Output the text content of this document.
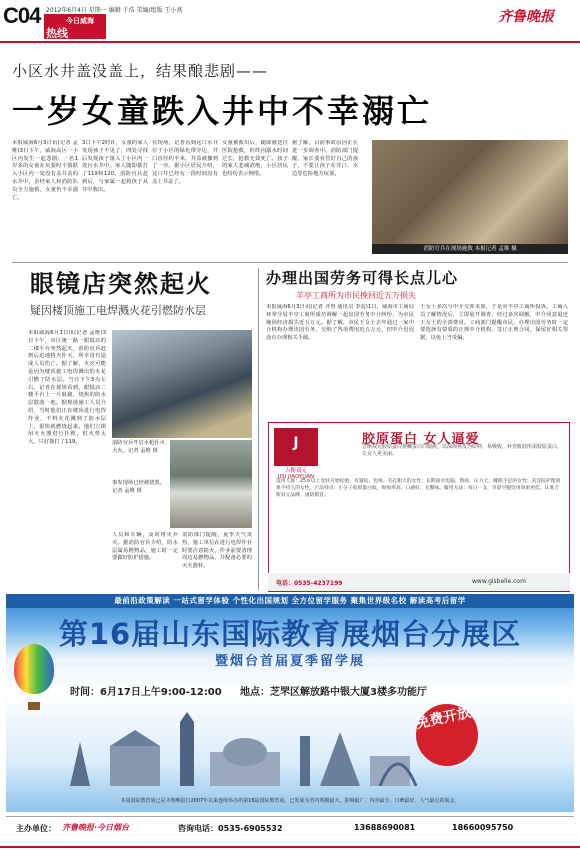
C04 2012年6月4日 星期一 编辑 于浩 美编/组版 王小燕
今日威海
热线
齐鲁晚报
小区水井盖没盖上，结果酿悲剧——
一岁女童跌入井中不幸溺亡
本报威海6月3日讯(记者 孟维)3日下午，威海高区一小区内发生一起悲剧：一名1岁多的女童在玩耍时不慎跌入小区内一处没有盖井盖的水井中，虽经家人和消防队员全力施救，女童仍不幸溺亡。
3日下午2时许，女童的家人发现孩子不见了，四处寻找后发现孩子落入了小区内一处污水井中。家人随即拨打了119和120。消防官兵赶到后，与家属一起将孩子从井中救出。
在现场，记者看到这口水井位于小区的绿化带旁边，井口直径约半米，井盖被挪到了一旁。据小区居民介绍，这口井已经有一段时间没有盖上井盖了。
女童被救出后，随即被送往医院抢救，但终因溺水时间过长，抢救无效死亡。孩子的家人悲痛欲绝，小区居民也纷纷表示惋惜。
据了解，目前事故原因正在进一步调查中。消防部门提醒，家长要看管好自己的孩子，不要让孩子在井口、水边等危险地方玩耍。
消防官兵在现场施救 本报记者 孟维 摄
眼镜店突然起火
疑因楼顶施工电焊溅火花引燃防水层
本报威海6月3日讯(记者 孟维)3日下午，市区统一路一眼镜店的二楼平台突然起火，消防官兵赶到后迅速将火扑灭，所幸没有造成人员伤亡。据了解，火灾可能是因为楼顶施工电焊溅出的火花引燃了防水层。当日下午5点左右，记者在现场看到，眼镜店二楼平台上一片狼藉，烧焦的防水层散落一地。据现场施工人员介绍，当时他们正在楼顶进行电焊作业，不料火花溅到了防水层上，很快就燃烧起来。他们立即用灭火器进行扑救，但火势太大，只好拨打了119。	消防官兵开启水枪扑灭大火。记者 孟维 摄
事发现场已经被烧黑。记者 孟维 摄
人员和车辆，及时将火扑灭。据消防官兵介绍，防水层属易燃物品，施工时一定要做好防护措施。
消防部门提醒，夏季天气炎热，施工单位在进行电焊作业时要注意防火，作业前要清理周边易燃物品，并配备必要的灭火器材。
办理出国劳务可得长点儿心
羊亭工商所为市民挽回近五万损失
本报威海6月3日讯(记者 齐鲁 通讯员 李雷)1日，威海市工商局环翠分局羊亭工商所成功调解一起出国劳务中介纠纷，为市民挽回经济损失近五万元。据了解，市民王女士去年通过一家中介机构办理出国劳务，交纳了各项费用近五万元，但中介迟迟没有办理相关手续。
王女士多次与中介交涉未果，于是向羊亭工商所投诉。工商人员了解情况后，立即展开调查，经过多次调解，中介同意退还王女士的全部费用。工商部门提醒市民，办理出国劳务时一定要选择有资质的正规中介机构，签订正规合同，保留好相关票据，以免上当受骗。
J
吉斯双元
JISI JIAOYUAN
胶原蛋白 女人逼爱
吉斯双元胶原蛋白鱼鳞蛋白口服液，以深海鱼皮为原料，易吸收，补充肌肤所需胶原蛋白，让女人更美丽。
适用人群：25岁以上皮肤开始松弛、有皱纹、色斑、毛孔粗大的女性；长期面对电脑、熬夜、压力大、睡眠不足的女性；美容院护理效果不持久的女性。产品特点：小分子胶原蛋白肽，吸收率高，口感好，无腥味。服用方法：每日一支，早晨空腹饮用效果更佳。认准吉斯双元品牌，谨防假冒。
电话：0535-4237199	www.gisbelle.com
最前沿政策解读 一站式留学体验 个性化出国规划 全方位留学服务 聚集世界级名校 解读高考后留学
第16届山东国际教育展烟台分展区
暨烟台首届夏季留学展
时间：6月17日上午9:00-12:00 地点：芝罘区解放路中银大厦3楼多功能厅
免费开放
本届国际教育展已是齐鲁晚报自2007年以来连续举办的第16届国际教育展，已发展为省内规模最大、影响最广、内容最全、口碑最好、人气最足的展会。
主办单位： 齐鲁晚报·今日烟台	咨询电话：0535-6905532	13688690081	18660095750
